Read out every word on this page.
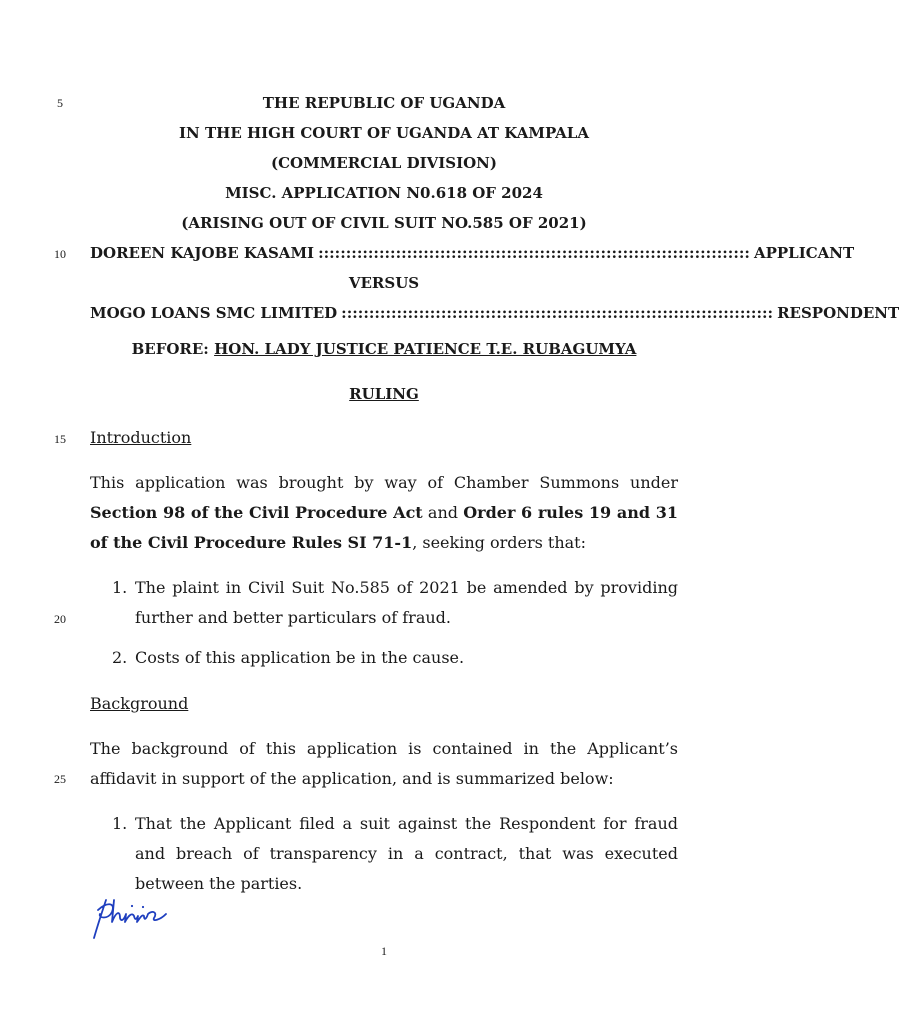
5
10
15
20
25
THE REPUBLIC OF UGANDA
IN THE HIGH COURT OF UGANDA AT KAMPALA
(COMMERCIAL DIVISION)
MISC. APPLICATION N0.618 OF 2024
(ARISING OUT OF CIVIL SUIT NO.585 OF 2021)
DOREEN KAJOBE KASAMI :::::::::::::::::::::::::::::::::::::::::::::::::::::::::::::::::::::::::::::: APPLICANT
VERSUS
MOGO LOANS SMC LIMITED :::::::::::::::::::::::::::::::::::::::::::::::::::::::::::::::::::::::::::::: RESPONDENT
BEFORE: HON. LADY JUSTICE PATIENCE T.E. RUBAGUMYA
RULING
Introduction
This application was brought by way of Chamber Summons under Section 98 of the Civil Procedure Act and Order 6 rules 19 and 31 of the Civil Procedure Rules SI 71-1, seeking orders that:
1. The plaint in Civil Suit No.585 of 2021 be amended by providing further and better particulars of fraud.
2. Costs of this application be in the cause.
Background
The background of this application is contained in the Applicant’s affidavit in support of the application, and is summarized below:
1. That the Applicant filed a suit against the Respondent for fraud and breach of transparency in a contract, that was executed between the parties.
1
